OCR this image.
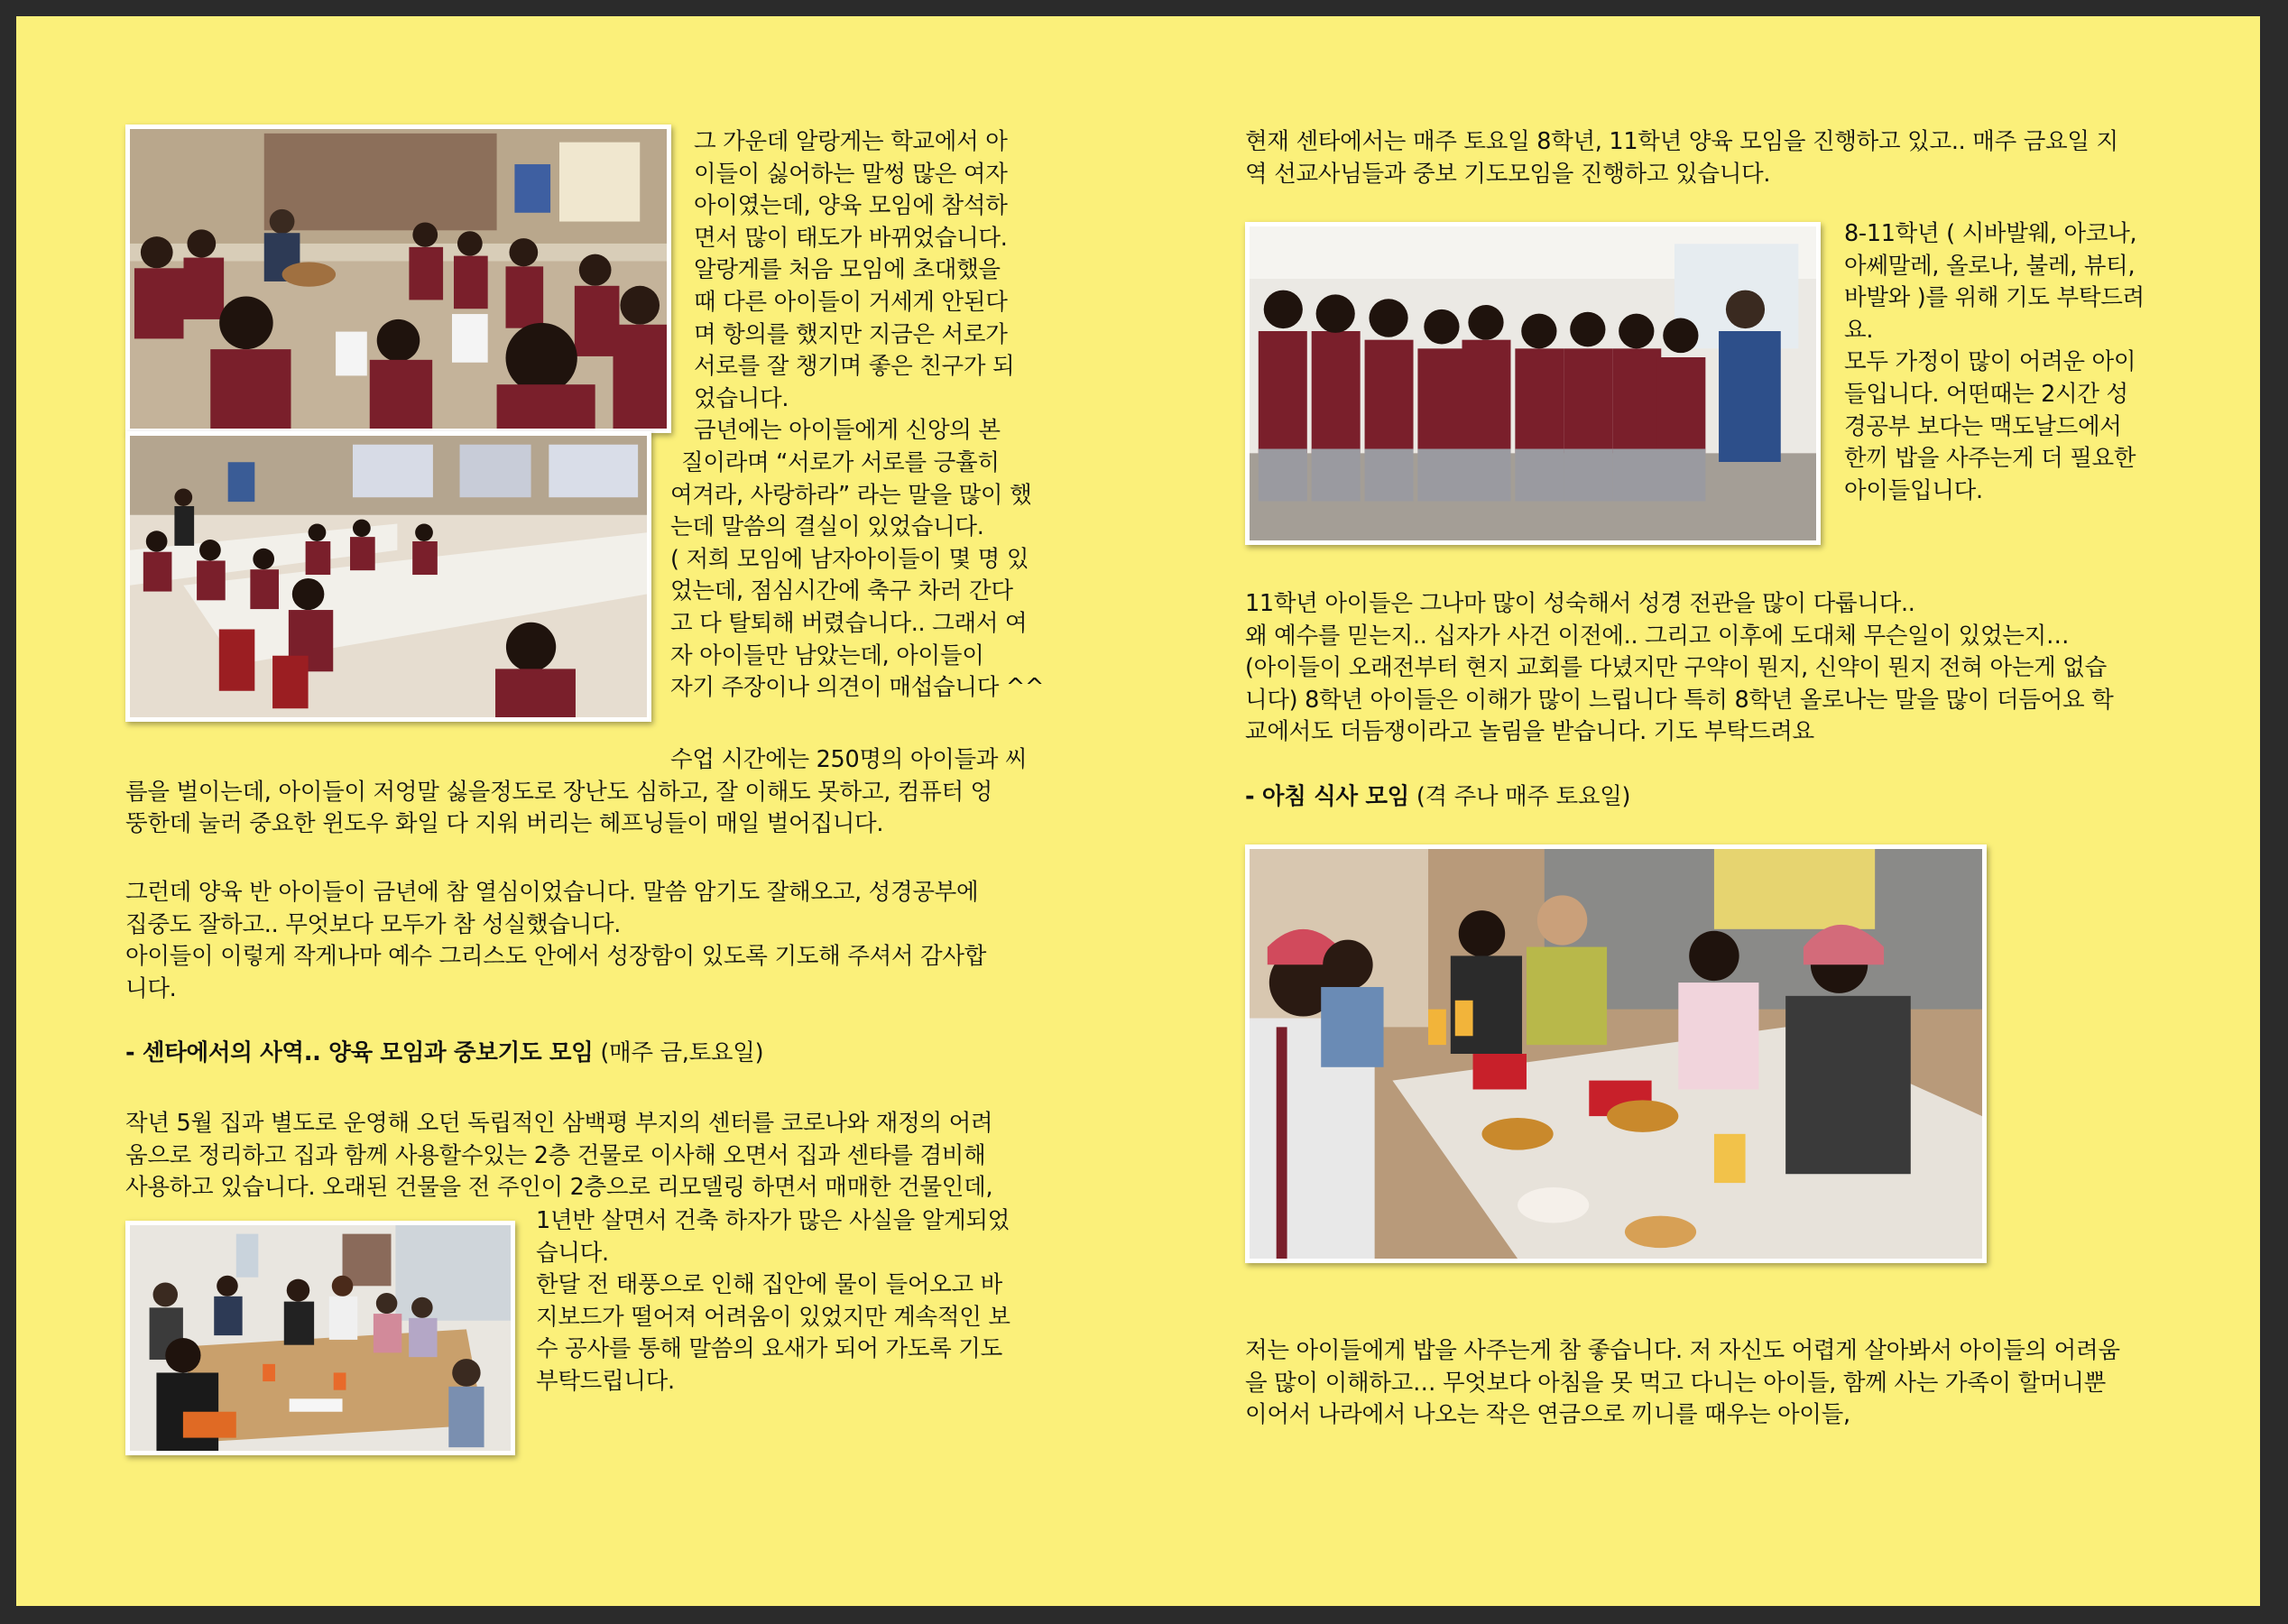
그 가운데 알랑게는 학교에서 아
이들이 싫어하는 말썽 많은 여자
아이였는데, 양육 모임에 참석하
면서 많이 태도가 바뀌었습니다.
알랑게를 처음 모임에 초대했을
때 다른 아이들이 거세게 안된다
며 항의를 했지만 지금은 서로가
서로를 잘 챙기며 좋은 친구가 되
었습니다.
금년에는 아이들에게 신앙의 본
질이라며 “서로가 서로를 긍휼히
여겨라, 사랑하라” 라는 말을 많이 했
는데 말씀의 결실이 있었습니다.
( 저희 모임에 남자아이들이 몇 명 있
었는데, 점심시간에 축구 차러 간다
고 다 탈퇴해 버렸습니다.. 그래서 여
자 아이들만 남았는데, 아이들이
자기 주장이나 의견이 매섭습니다 ^^
수업 시간에는 250명의 아이들과 씨
름을 벌이는데, 아이들이 저엉말 싫을정도로 장난도 심하고, 잘 이해도 못하고, 컴퓨터 엉
뚱한데 눌러 중요한 윈도우 화일 다 지워 버리는 헤프닝들이 매일 벌어집니다.
그런데 양육 반 아이들이 금년에 참 열심이었습니다. 말씀 암기도 잘해오고, 성경공부에
집중도 잘하고.. 무엇보다 모두가 참 성실했습니다.
아이들이 이렇게 작게나마 예수 그리스도 안에서 성장함이 있도록 기도해 주셔서 감사합
니다.
- 센타에서의 사역.. 양육 모임과 중보기도 모임 (매주 금,토요일)
작년 5월 집과 별도로 운영해 오던 독립적인 삼백평 부지의 센터를 코로나와 재정의 어려
움으로 정리하고 집과 함께 사용할수있는 2층 건물로 이사해 오면서 집과 센타를 겸비해
사용하고 있습니다. 오래된 건물을 전 주인이 2층으로 리모델링 하면서 매매한 건물인데,
1년반 살면서 건축 하자가 많은 사실을 알게되었
습니다.
한달 전 태풍으로 인해 집안에 물이 들어오고 바
지보드가 떨어져 어려움이 있었지만 계속적인 보
수 공사를 통해 말씀의 요새가 되어 가도록 기도
부탁드립니다.
현재 센타에서는 매주 토요일 8학년, 11학년 양육 모임을 진행하고 있고.. 매주 금요일 지
역 선교사님들과 중보 기도모임을 진행하고 있습니다.
8-11학년 ( 시바발웨, 아코나,
아쎄말레, 올로나, 불레, 뷰티,
바발와 )를 위해 기도 부탁드려
요.
모두 가정이 많이 어려운 아이
들입니다. 어떤때는 2시간 성
경공부 보다는 맥도날드에서
한끼 밥을 사주는게 더 필요한
아이들입니다.
11학년 아이들은 그나마 많이 성숙해서 성경 전관을 많이 다룹니다..
왜 예수를 믿는지.. 십자가 사건 이전에.. 그리고 이후에 도대체 무슨일이 있었는지…
(아이들이 오래전부터 현지 교회를 다녔지만 구약이 뭔지, 신약이 뭔지 전혀 아는게 없습
니다) 8학년 아이들은 이해가 많이 느립니다 특히 8학년 올로나는 말을 많이 더듬어요 학
교에서도 더듬쟁이라고 놀림을 받습니다. 기도 부탁드려요
- 아침 식사 모임 (격 주나 매주 토요일)
저는 아이들에게 밥을 사주는게 참 좋습니다. 저 자신도 어렵게 살아봐서 아이들의 어려움
을 많이 이해하고… 무엇보다 아침을 못 먹고 다니는 아이들, 함께 사는 가족이 할머니뿐
이어서 나라에서 나오는 작은 연금으로 끼니를 때우는 아이들,
